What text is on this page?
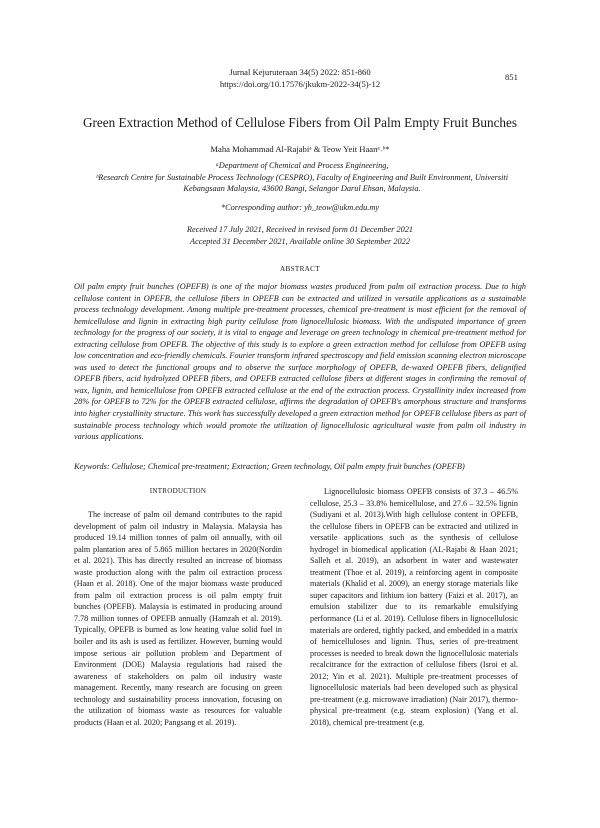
Jurnal Kejuruteraan 34(5) 2022: 851-860
https://doi.org/10.17576/jkukm-2022-34(5)-12
851
Green Extraction Method of Cellulose Fibers from Oil Palm Empty Fruit Bunches
Maha Mohammad Al-Rajabiᵃ & Teow Yeit Haanᵃ˒ᵇ*

ᵃDepartment of Chemical and Process Engineering,

ᵇResearch Centre for Sustainable Process Technology (CESPRO), Faculty of Engineering and Built Environment, Universiti Kebangsaan Malaysia, 43600 Bangi, Selangor Darul Ehsan, Malaysia.

*Corresponding author: yh_teow@ukm.edu.my

Received 17 July 2021, Received in revised form 01 December 2021

Accepted 31 December 2021, Available online 30 September 2022

ABSTRACT

Oil palm empty fruit bunches (OPEFB) is one of the major biomass wastes produced from palm oil extraction process. Due to high cellulose content in OPEFB, the cellulose fibers in OPEFB can be extracted and utilized in versatile applications as a sustainable process technology development. Among multiple pre-treatment processes, chemical pre-treatment is most efficient for the removal of hemicellulose and lignin in extracting high purity cellulose from lignocellulosic biomass. With the undisputed importance of green technology for the progress of our society, it is vital to engage and leverage on green technology in chemical pre-treatment method for extracting cellulose from OPEFB. The objective of this study is to explore a green extraction method for cellulose from OPEFB using low concentration and eco-friendly chemicals. Fourier transform infrared spectroscopy and field emission scanning electron microscope was used to detect the functional groups and to observe the surface morphology of OPEFB, de-waxed OPEFB fibers, delignified OPEFB fibers, acid hydrolyzed OPEFB fibers, and OPEFB extracted cellulose fibers at different stages in confirming the removal of wax, lignin, and hemicellulose from OPEFB extracted cellulose at the end of the extraction process. Crystallinity index increased from 28% for OPEFB to 72% for the OPEFB extracted cellulose, affirms the degradation of OPEFB's amorphous structure and transforms into higher crystallinity structure. This work has successfully developed a green extraction method for OPEFB cellulose fibers as part of sustainable process technology which would promote the utilization of lignocellulosic agricultural waste from palm oil industry in various applications.

Keywords: Cellulose; Chemical pre-treatment; Extraction; Green technology, Oil palm empty fruit bunches (OPEFB)

INTRODUCTION

The increase of palm oil demand contributes to the rapid development of palm oil industry in Malaysia. Malaysia has produced 19.14 million tonnes of palm oil annually, with oil palm plantation area of 5.865 million hectares in 2020(Nordin et al. 2021). This has directly resulted an increase of biomass waste production along with the palm oil extraction process (Haan et al. 2018). One of the major biomass waste produced from palm oil extraction process is oil palm empty fruit bunches (OPEFB). Malaysia is estimated in producing around 7.78 million tonnes of OPEFB annually (Hamzah et al. 2019). Typically, OPEFB is burned as low heating value solid fuel in boiler and its ash is used as fertilizer. However, burning would impose serious air pollution problem and Department of Environment (DOE) Malaysia regulations had raised the awareness of stakeholders on palm oil industry waste management. Recently, many research are focusing on green technology and sustainability process innovation, focusing on the utilization of biomass waste as resources for valuable products (Haan et al. 2020; Pangsang et al. 2019).

Lignocellulosic biomass OPEFB consists of 37.3 – 46.5% cellulose, 25.3 – 33.8% hemicellulose, and 27.6 – 32.5% lignin (Sudiyani et al. 2013).With high cellulose content in OPEFB, the cellulose fibers in OPEFB can be extracted and utilized in versatile applications such as the synthesis of cellulose hydrogel in biomedical application (AL-Rajabi & Haan 2021; Salleh et al. 2019), an adsorbent in water and wastewater treatment (Thoe et al. 2019), a reinforcing agent in composite materials (Khalid et al. 2009), an energy storage materials like super capacitors and lithium ion battery (Faizi et al. 2017), an emulsion stabilizer due to its remarkable emulsifying performance (Li et al. 2019). Cellulose fibers in lignocellulosic materials are ordered, tightly packed, and embedded in a matrix of hemicelluloses and lignin. Thus, series of pre-treatment processes is needed to break down the lignocellulosic materials recalcitrance for the extraction of cellulose fibers (Isroi et al. 2012; Yin et al. 2021). Multiple pre-treatment processes of lignocellulosic materials had been developed such as physical pre-treatment (e.g. microwave irradiation) (Nair 2017), thermo-physical pre-treatment (e.g. steam explosion) (Yang et al. 2018), chemical pre-treatment (e.g.
